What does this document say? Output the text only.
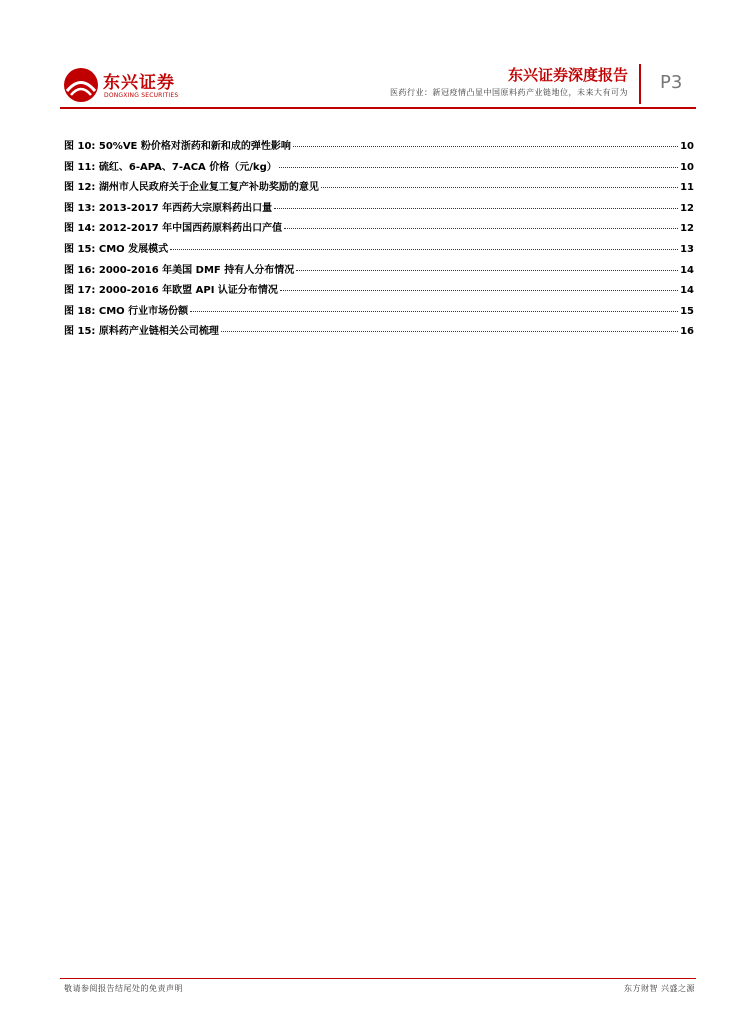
东兴证券
DONGXING SECURITIES
东兴证券深度报告
医药行业：新冠疫情凸显中国原料药产业链地位，未来大有可为 P3
图 10: 50%VE 粉价格对浙药和新和成的弹性影响	10
图 11: 硫红、6-APA、7-ACA 价格（元/kg）	10
图 12: 湖州市人民政府关于企业复工复产补助奖励的意见	11
图 13: 2013-2017 年西药大宗原料药出口量	12
图 14: 2012-2017 年中国西药原料药出口产值	12
图 15: CMO 发展模式	13
图 16: 2000-2016 年美国 DMF 持有人分布情况	14
图 17: 2000-2016 年欧盟 API 认证分布情况	14
图 18: CMO 行业市场份额	15
图 15: 原料药产业链相关公司梳理	16
敬请参阅报告结尾处的免责声明	东方财智 兴盛之源
